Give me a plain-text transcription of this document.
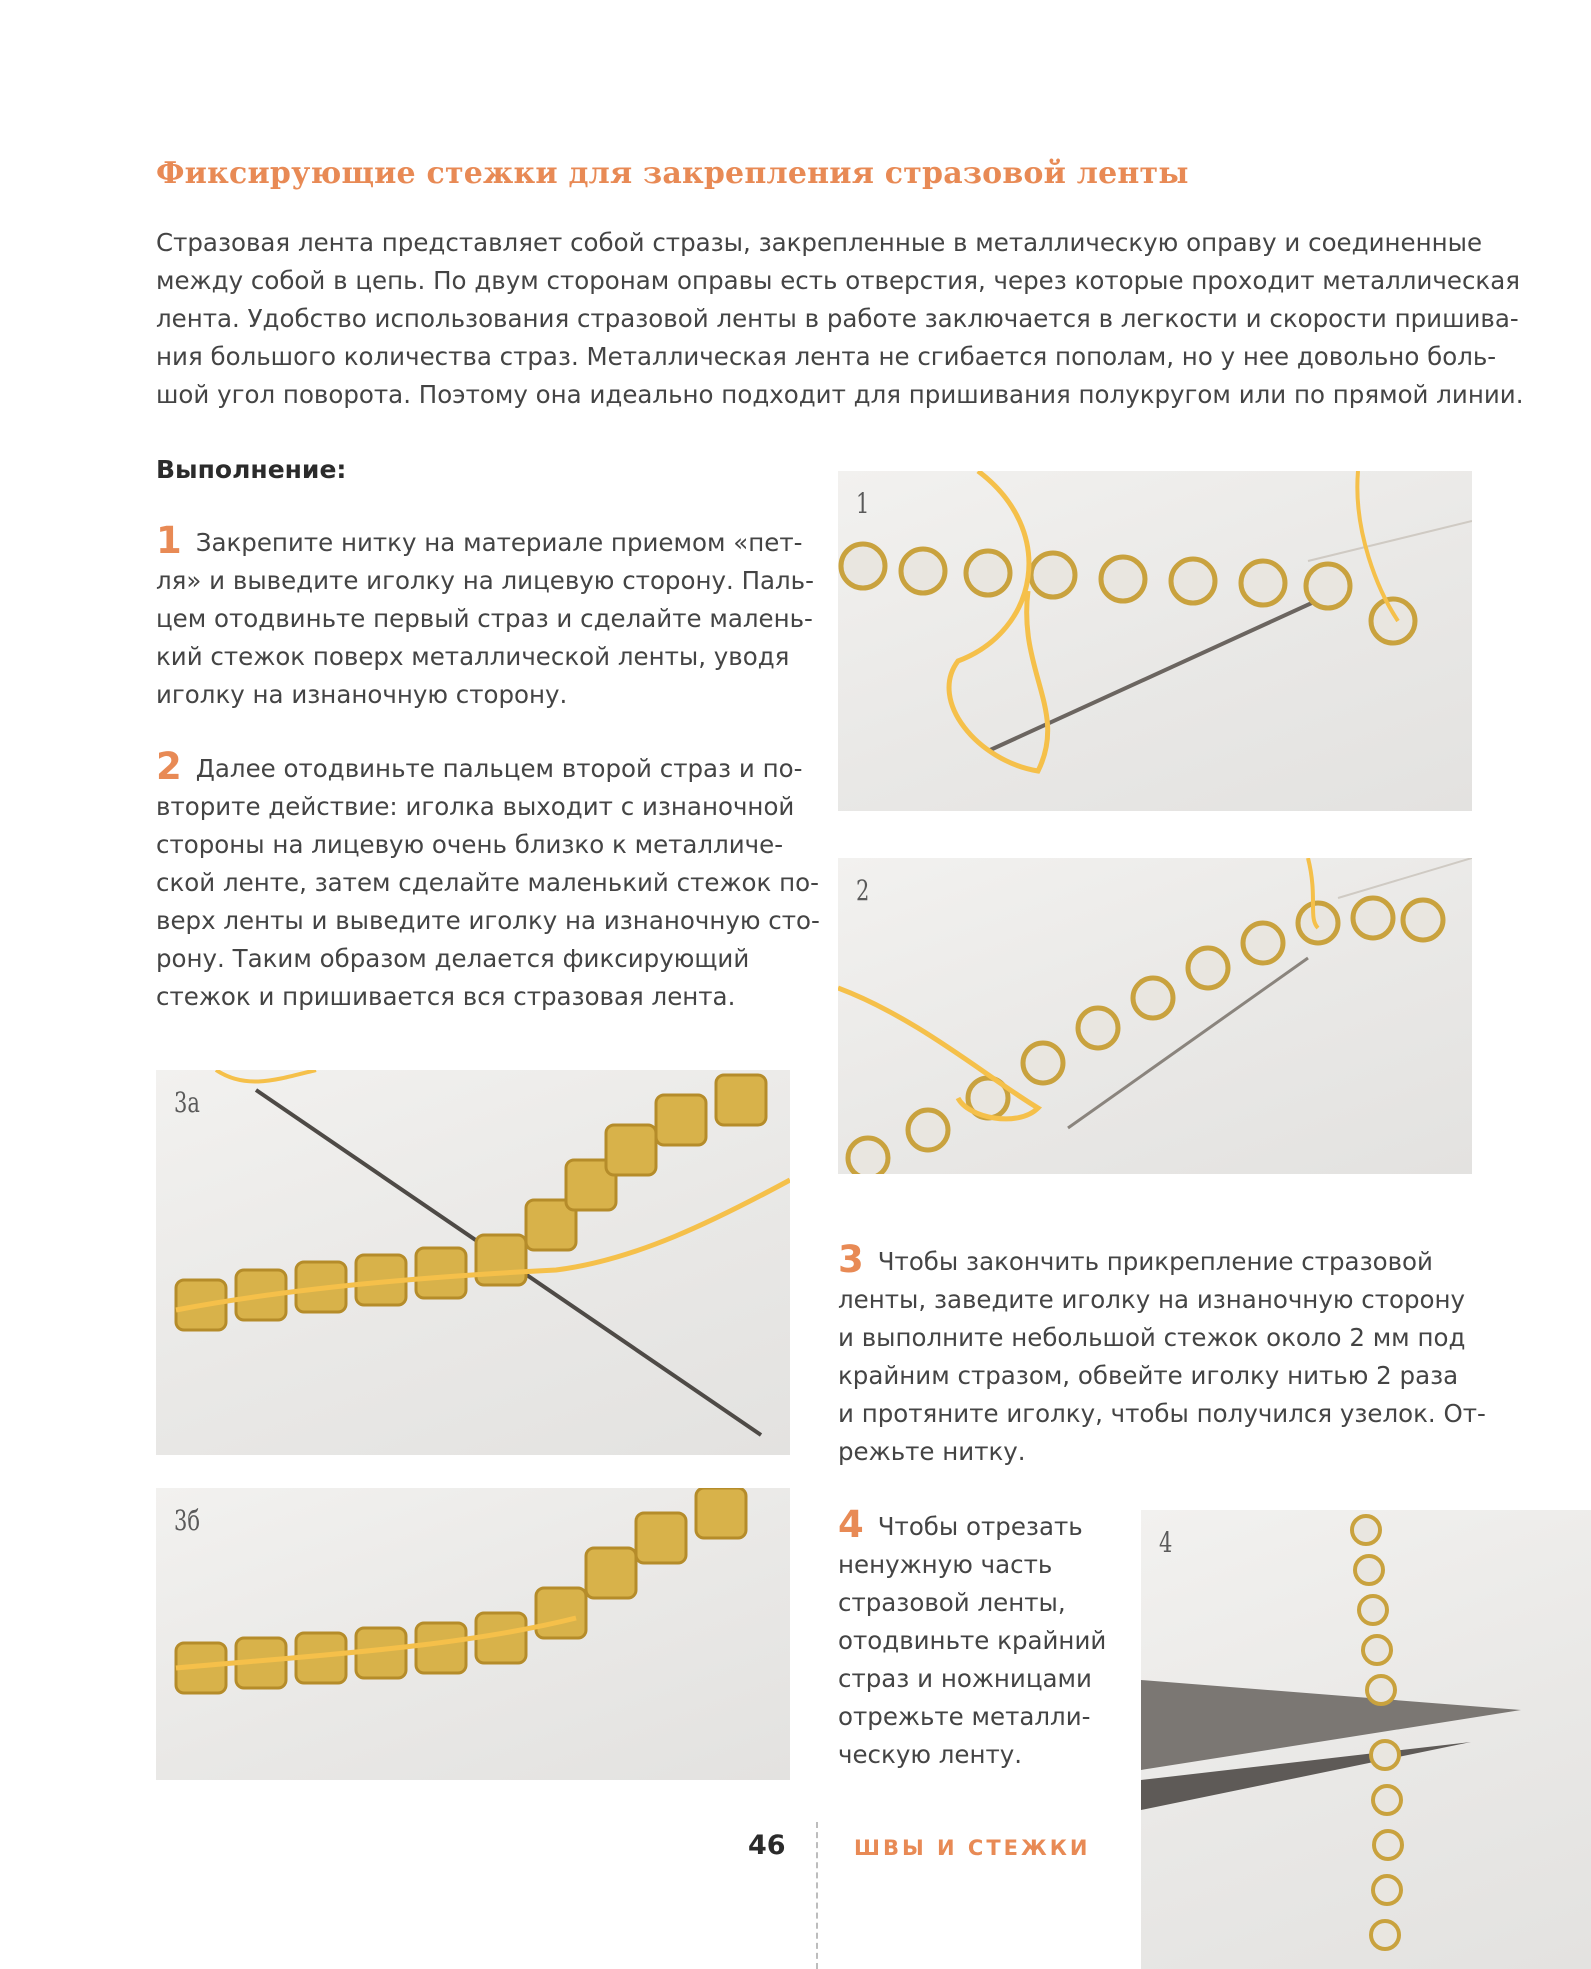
Фиксирующие стежки для закрепления стразовой ленты
Стразовая лента представляет собой стразы, закрепленные в металлическую оправу и соединенные
между собой в цепь. По двум сторонам оправы есть отверстия, через которые проходит металлическая
лента. Удобство использования стразовой ленты в работе заключается в легкости и скорости пришива-
ния большого количества страз. Металлическая лента не сгибается пополам, но у нее довольно боль-
шой угол поворота. Поэтому она идеально подходит для пришивания полукругом или по прямой линии.
Выполнение:
1 Закрепите нитку на материале приемом «пет-
ля» и выведите иголку на лицевую сторону. Паль-
цем отодвиньте первый страз и сделайте малень-
кий стежок поверх металлической ленты, уводя
иголку на изнаночную сторону.
2 Далее отодвиньте пальцем второй страз и по-
вторите действие: иголка выходит с изнаночной
стороны на лицевую очень близко к металличе-
ской ленте, затем сделайте маленький стежок по-
верх ленты и выведите иголку на изнаночную сто-
рону. Таким образом делается фиксирующий
стежок и пришивается вся стразовая лента.
3 Чтобы закончить прикрепление стразовой
ленты, заведите иголку на изнаночную сторону
и выполните небольшой стежок около 2 мм под
крайним стразом, обвейте иголку нитью 2 раза
и протяните иголку, чтобы получился узелок. От-
режьте нитку.
4 Чтобы отрезать
ненужную часть
стразовой ленты,
отодвиньте крайний
страз и ножницами
отрежьте металли-
ческую ленту.
1
2
3а
3б
4
46	ШВЫ И СТЕЖКИ
